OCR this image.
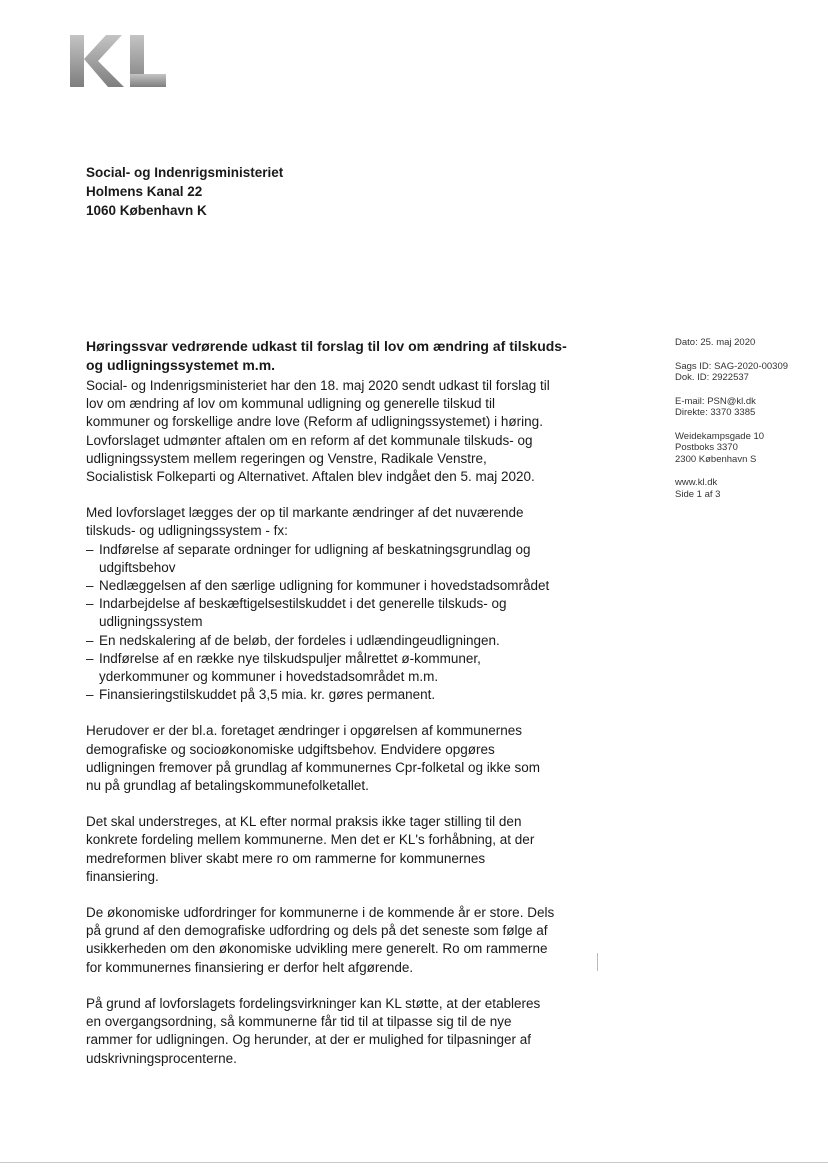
Social- og Indenrigsministeriet
Holmens Kanal 22
1060 København K
Høringssvar vedrørende udkast til forslag til lov om ændring af tilskuds- og udligningssystemet m.m.

Social- og Indenrigsministeriet har den 18. maj 2020 sendt udkast til forslag til lov om ændring af lov om kommunal udligning og generelle tilskud til kommuner og forskellige andre love (Reform af udligningssystemet) i høring. Lovforslaget udmønter aftalen om en reform af det kommunale tilskuds- og udligningssystem mellem regeringen og Venstre, Radikale Venstre, Socialistisk Folkeparti og Alternativet. Aftalen blev indgået den 5. maj 2020.

Med lovforslaget lægges der op til markante ændringer af det nuværende tilskuds- og udligningssystem - fx:

– Indførelse af separate ordninger for udligning af beskatningsgrundlag og udgiftsbehov
– Nedlæggelsen af den særlige udligning for kommuner i hovedstadsområdet
– Indarbejdelse af beskæftigelsestilskuddet i det generelle tilskuds- og udligningssystem
– En nedskalering af de beløb, der fordeles i udlændingeudligningen.
– Indførelse af en række nye tilskudspuljer målrettet ø-kommuner, yderkommuner og kommuner i hovedstadsområdet m.m.
– Finansieringstilskuddet på 3,5 mia. kr. gøres permanent.

Herudover er der bl.a. foretaget ændringer i opgørelsen af kommunernes demografiske og socioøkonomiske udgiftsbehov. Endvidere opgøres udligningen fremover på grundlag af kommunernes Cpr-folketal og ikke som nu på grundlag af betalingskommunefolketallet.

Det skal understreges, at KL efter normal praksis ikke tager stilling til den konkrete fordeling mellem kommunerne. Men det er KL's forhåbning, at der medreformen bliver skabt mere ro om rammerne for kommunernes finansiering.

De økonomiske udfordringer for kommunerne i de kommende år er store. Dels på grund af den demografiske udfordring og dels på det seneste som følge af usikkerheden om den økonomiske udvikling mere generelt. Ro om rammerne for kommunernes finansiering er derfor helt afgørende.

På grund af lovforslagets fordelingsvirkninger kan KL støtte, at der etableres en overgangsordning, så kommunerne får tid til at tilpasse sig til de nye rammer for udligningen. Og herunder, at der er mulighed for tilpasninger af udskrivningsprocenterne.

Dato: 25. maj 2020
Sags ID: SAG-2020-00309
Dok. ID: 2922537
E-mail: PSN@kl.dk
Direkte: 3370 3385
Weidekampsgade 10
Postboks 3370
2300 København S
www.kl.dk
Side 1 af 3
